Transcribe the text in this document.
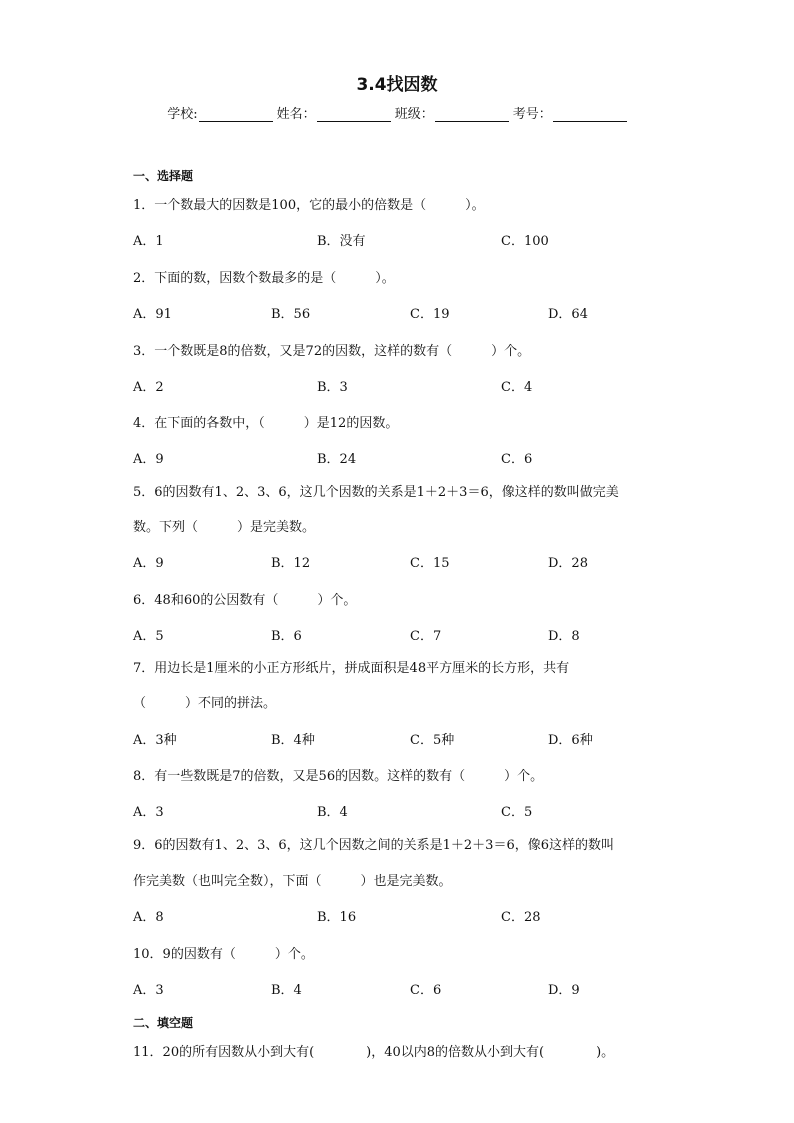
3.4找因数
学校:	姓名：	班级：	考号：
一、选择题
1．一个数最大的因数是100，它的最小的倍数是（　　　）。
A．1	B．没有	C．100
2．下面的数，因数个数最多的是（　　　）。
A．91	B．56	C．19	D．64
3．一个数既是8的倍数，又是72的因数，这样的数有（　　　）个。
A．2	B．3	C．4
4．在下面的各数中，（　　　）是12的因数。
A．9	B．24	C．6
5．6的因数有1、2、3、6，这几个因数的关系是1＋2＋3＝6，像这样的数叫做完美
数。下列（　　　）是完美数。
A．9	B．12	C．15	D．28
6．48和60的公因数有（　　　）个。
A．5	B．6	C．7	D．8
7．用边长是1厘米的小正方形纸片，拼成面积是48平方厘米的长方形，共有
（　　　）不同的拼法。
A．3种	B．4种	C．5种	D．6种
8．有一些数既是7的倍数，又是56的因数。这样的数有（　　　）个。
A．3	B．4	C．5
9．6的因数有1、2、3、6，这几个因数之间的关系是1＋2＋3＝6，像6这样的数叫
作完美数（也叫完全数），下面（　　　）也是完美数。
A．8	B．16	C．28
10．9的因数有（　　　）个。
A．3	B．4	C．6	D．9
二、填空题
11．20的所有因数从小到大有(　　　　)，40以内8的倍数从小到大有(　　　　)。
